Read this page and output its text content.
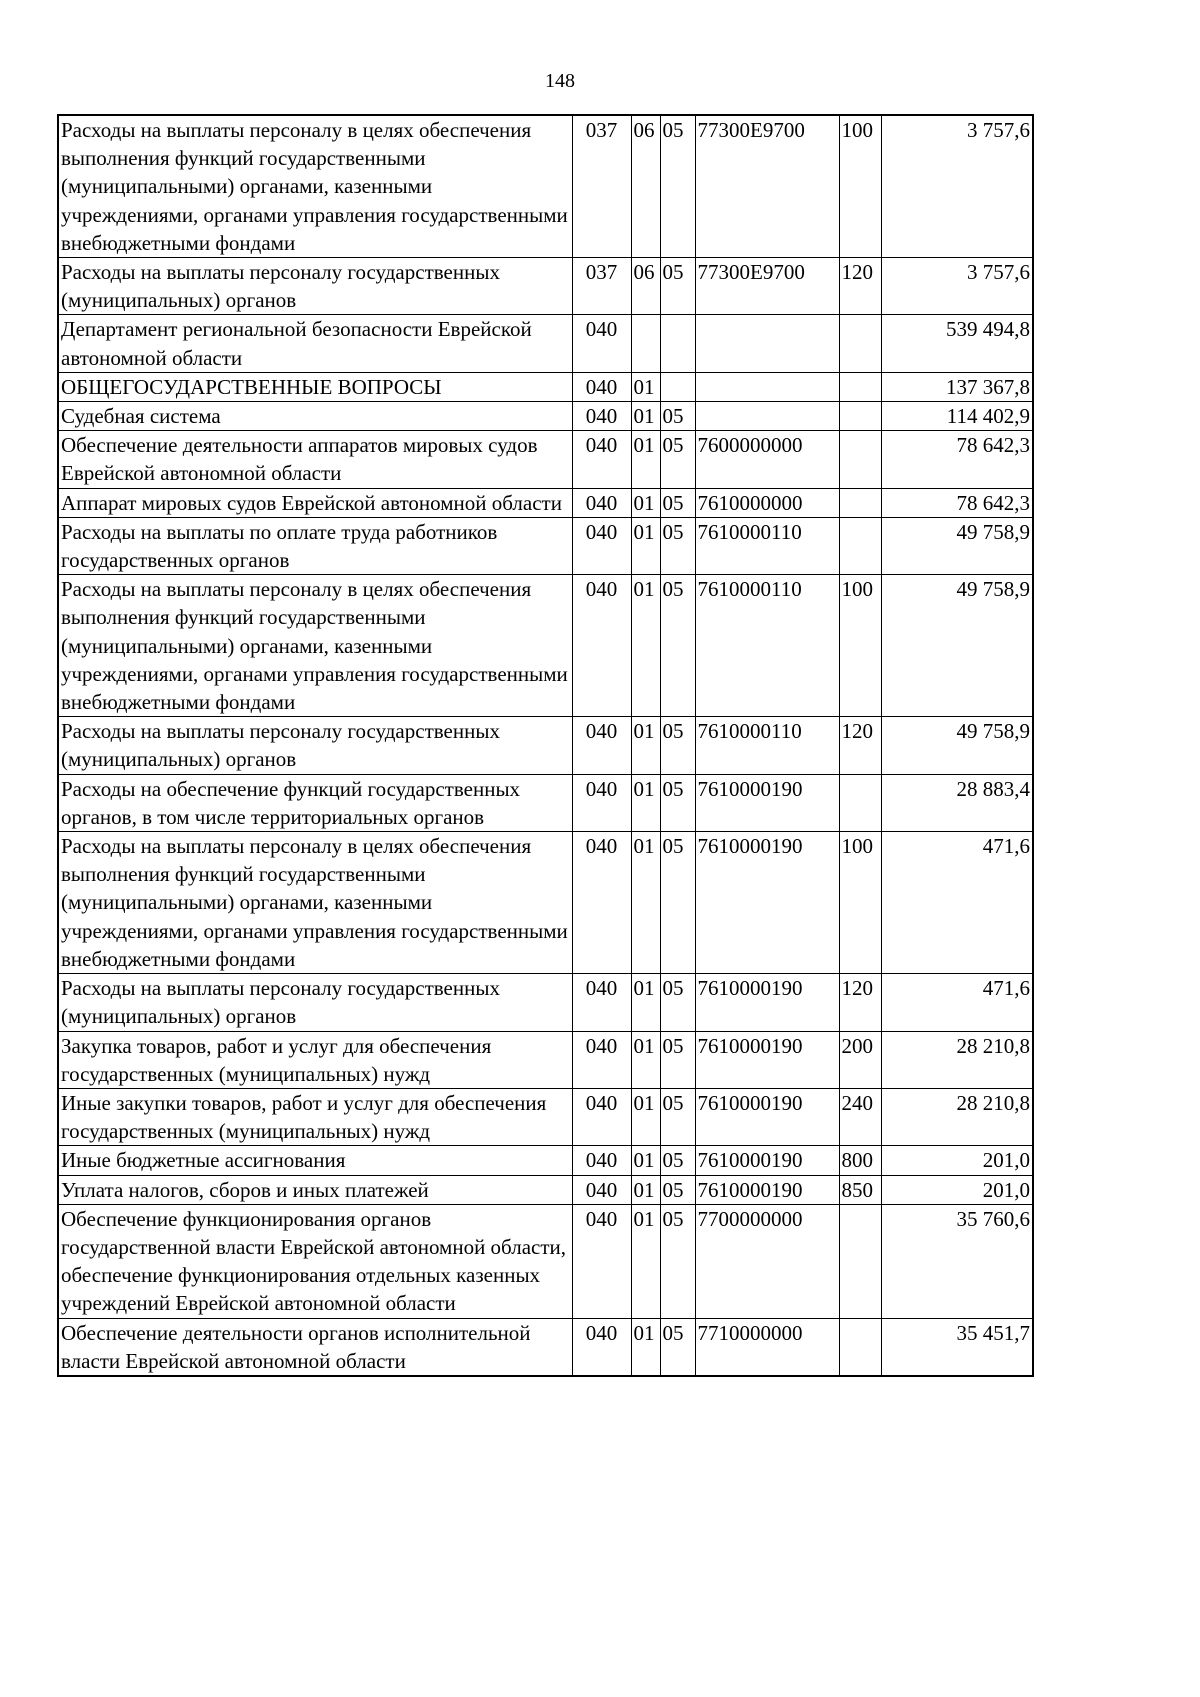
148
Расходы на выплаты персоналу в целях обеспечения выполнения функций государственными (муниципальными) органами, казенными учреждениями, органами управления государственными внебюджетными фондами	037	06	05	77300E9700	100	3 757,6
Расходы на выплаты персоналу государственных (муниципальных) органов	037	06	05	77300E9700	120	3 757,6
Департамент региональной безопасности Еврейской автономной области	040					539 494,8
ОБЩЕГОСУДАРСТВЕННЫЕ ВОПРОСЫ	040	01				137 367,8
Судебная система	040	01	05			114 402,9
Обеспечение деятельности аппаратов мировых судов Еврейской автономной области	040	01	05	7600000000		78 642,3
Аппарат мировых судов Еврейской автономной области	040	01	05	7610000000		78 642,3
Расходы на выплаты по оплате труда работников государственных органов	040	01	05	7610000110		49 758,9
Расходы на выплаты персоналу в целях обеспечения выполнения функций государственными (муниципальными) органами, казенными учреждениями, органами управления государственными внебюджетными фондами	040	01	05	7610000110	100	49 758,9
Расходы на выплаты персоналу государственных (муниципальных) органов	040	01	05	7610000110	120	49 758,9
Расходы на обеспечение функций государственных органов, в том числе территориальных органов	040	01	05	7610000190		28 883,4
Расходы на выплаты персоналу в целях обеспечения выполнения функций государственными (муниципальными) органами, казенными учреждениями, органами управления государственными внебюджетными фондами	040	01	05	7610000190	100	471,6
Расходы на выплаты персоналу государственных (муниципальных) органов	040	01	05	7610000190	120	471,6
Закупка товаров, работ и услуг для обеспечения государственных (муниципальных) нужд	040	01	05	7610000190	200	28 210,8
Иные закупки товаров, работ и услуг для обеспечения государственных (муниципальных) нужд	040	01	05	7610000190	240	28 210,8
Иные бюджетные ассигнования	040	01	05	7610000190	800	201,0
Уплата налогов, сборов и иных платежей	040	01	05	7610000190	850	201,0
Обеспечение функционирования органов государственной власти Еврейской автономной области, обеспечение функционирования отдельных казенных учреждений Еврейской автономной области	040	01	05	7700000000		35 760,6
Обеспечение деятельности органов исполнительной власти Еврейской автономной области	040	01	05	7710000000		35 451,7
